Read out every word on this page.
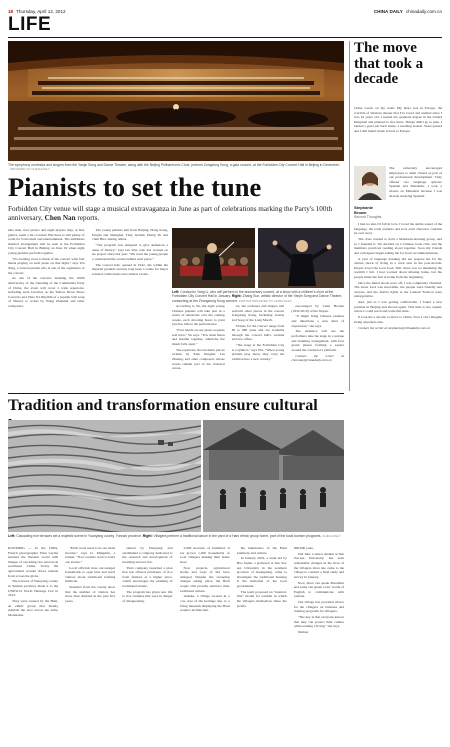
18 Thursday, April 12, 2012	CHINA DAILY chinadaily.com.cn
LIFE
The symphony orchestra and singers from the Yanjin Song and Dance Theatre, along with the Beijing Philharmonic Choir, perform Zongdong Kong, a gala concert, at the Forbidden City Concert Hall in Beijing in December. PROVIDED TO CHINA DAILY
Pianists to set the tune
Forbidden City venue will stage a musical extravaganza in June as part of celebrations marking the Party's 100th anniversary, Chen Nan reports.

One man, four pianos and eight players may, at first glance, seem a bit crowded. But there is still plenty of room for both talent and entertainment. The ambitious musical arrangement will be seen at the Forbidden City Concert Hall in Beijing on June 19 when eight young pianists perform together.

"It's exciting even to think of the concert with four hands playing on each piano on that night," says Wu Xing, a veteran pianist who is one of the organizers of the concert.

As one of the concerts marking the 100th anniversary of the founding of the Communist Party of China, the event will cover a wide repertoire, including such favorites as the Yellow River Piano Concerto and Zhao Ji's Rhythm of a popular folk song of Shanxi, to works by Wang Zhenmei and other composers.

The young pianists hail from Beijing, Hong Kong, Tianjin and Shanghai. They include Zhang Yu and Chen Hua, among others.

"The program was designed to give audiences a sense of history," says Liu Wei, who has worked on the project since last year. "We want the young people to understand the stories behind each piece."

The concert hall, opened in 1942, sits within the imperial grounds and has long been a venue for major national celebrations and cultural events.

Left: Conductor Yang Li, who will perform in the anniversary concert, at a show with a children's choir at the Forbidden City Concert Hall in January. Right: Zhang Sun, artistic director of the Yanjin Song and Dance Theatre, conducting at the Zhongdong Kong concert. PHOTOS PROVIDED TO CHINA DAILY

According to Yu, the eight young Chinese pianists will take part in a series of rehearsals over the coming weeks, each devoting hours to joint practice before the performance.

"Four hands on one piano requires real trust," Yu says. "You must listen and breathe together, otherwise the music falls apart."

The repertoire also includes pieces written by Xian Xinghai, Liu Zhuang, and other composers whose works remain part of the classical canon.

tor, the orchestra and singers will perform other pieces in the concert Zongdong Kong, including Gallop and Song of the Long March.

Tickets for the concert range from 80 to 880 yuan and are available through the concert hall's website and box office.

"The stage at the Forbidden City is a symbol," says Wu. "When young pianists play there, they carry the tradition into a new century."

encouraged by Chen Hexian (1932-2010) of the Jinyun.

"It might bring Chinese pianists and musicians a new kind of expression," she says.

The audience will see the performers take the stage in a unique and stunning arrangement, with four grand pianos forming a square around the conductor's platform.

Contact the writer at chennan@chinadaily.com.cn

The move that took a decade

China wasn't on my radar. My heart was in Europe, the crucible of Western theater that I've loved and studied since I was 16 years old. I earned my graduate degree in the United Kingdom and planned to live there. Things didn't go to plan. I landed a great job back home, a teaching station. Years passed and I still hadn't made it back to Europe.

Stephanie Brown
Second Thoughts

The university encouraged employees to audit classes as part of our professional development. They offered two language options: Spanish and Mandarin. I took a chance on Mandarin because I was already studying Spanish.

I had no idea I'd fall in love. I loved the subtle sound of the language, the tonal patterns and how each character contains its own story.

The class wanted to hold a Mandarin-learning group, and so I founded it. We decided on a Chinese book club, and the members practiced reading aloud together. Soon my friends and colleagues began asking me for book recommendations.

A year of language learning did not prepare me for the culture shock of living in a rural area in the post-decade. People loved the local food. Still, there was no mistaking the warmth I felt. I had worried about missing home, but the people made me feel at home from the beginning.

Once the initial shock wore off, I was completely charmed. The street food was incredible, the people were friendly and curious, and the festive lights at the Lantern Festival were unforgettable.

And, just as I was getting comfortable, I found a new position in Beijing and moved again. This time to the capital, where I could teach and write full-time.

It took me a decade to move to China. Now I can't imagine living anywhere else.

Contact the writer at stephanie@chinadaily.com.cn

Tradition and transformation ensure cultural
Left: Cascading rice terraces set a majestic scene in Yuanyang county, Yunnan province. Right: Villagers perform a traditional dance in the yard of a Hani ethnic group home, part of the local tourism programs. CHINA DAILY

KUNMING — In the 1990s, French photographer Yann Layma stunned the Western world with images of cascading rice terraces in southwest China. Today the agricultural wonder draws tourists from across the globe.

The terraces of Yuanyang county in Yunnan province made it to the UNESCO World Heritage List in 2013.

They were created by the Hani, an ethnic group that mostly inhabits the area across the Ailao Mountains.

"Farm work used to be our main income," says Li Mingmin, a farmer. "Now tourists want to learn our stories."

Local officials have encouraged households to open inns and teach visitors about traditional farming methods.

Statistics from the county show that the number of visitors has more than doubled in the past five years.

started by Yuanyang and established a company dedicated to the research and development of breeding and red rice.

Yan's company launched a plan that has offered purchases of rice from farmers at a higher price, which encourages the planting of traditional strains.

The program has given new life to rice varieties that were in danger of disappearing.

2,000 hectares of farmland. It has grown 1,200 households of local villagers making their home there.

Now projects, agricultural modes and ways of life have emerged. Despite the sweeping changes taking place, the Hani people still proudly embrace their traditional culture.

Azheke, a village located in a core area of the heritage site, is a living museum displaying the Hani people's architecture.

the inheritance of the Hani traditions and culture.

In January 2019, a team led by Hao Jiqian, a professor at Sun Yat-sen University in the southern province of Guangdong, came to investigate the traditional housing at the invitation of the local government.

The team proposed an "internal-first" model for tourism in which the villagers themselves share the profits.

990,000 yuan.

Wei Jian, a senior student at Sun Yat-sen University, has seen remarkable changes in the lives of the villagers since she came to the village to conduct a field study and survey in January.

Now, more can speak Mandarin and some can speak a few words of English to communicate with tourists.

The village has provided advice for the villagers on business and training programs for villagers.

"The key is that everyone knows that they can protect their culture while earning a living," she says.

Xinhua
